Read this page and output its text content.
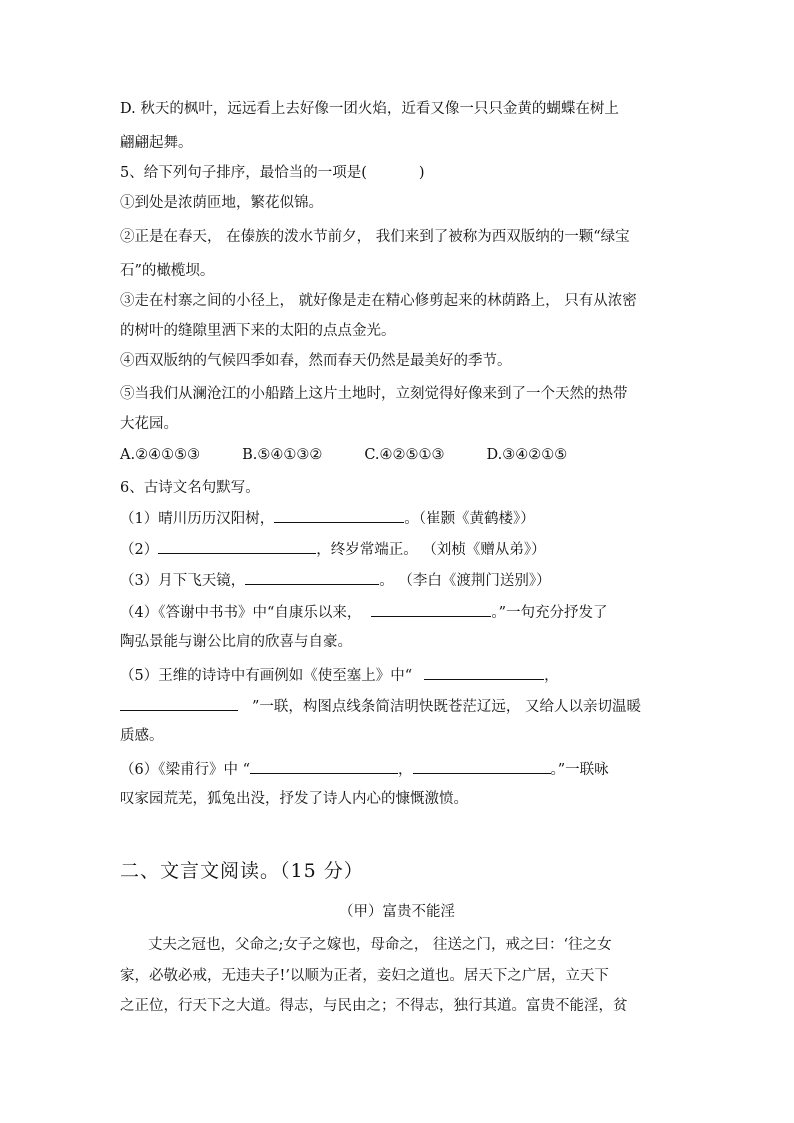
D. 秋天的枫叶，远远看上去好像一团火焰，近看又像一只只金黄的蝴蝶在树上
翩翩起舞。
5、给下列句子排序，最恰当的一项是(	)
①到处是浓荫匝地，繁花似锦。
②正是在春天， 在傣族的泼水节前夕， 我们来到了被称为西双版纳的一颗“绿宝
石”的橄榄坝。
③走在村寨之间的小径上， 就好像是走在精心修剪起来的林荫路上， 只有从浓密
的树叶的缝隙里洒下来的太阳的点点金光。
④西双版纳的气候四季如春，然而春天仍然是最美好的季节。
⑤当我们从澜沧江的小船踏上这片土地时，立刻觉得好像来到了一个天然的热带
大花园。
A.②④①⑤③	B.⑤④①③②	C.④②⑤①③	D.③④②①⑤
6、古诗文名句默写。
（1）晴川历历汉阳树，	。（崔颢《黄鹤楼》）
（2）	，终岁常端正。 （刘桢《赠从弟》）
（3）月下飞天镜，	。 （李白《渡荆门送别》）
（4）《答谢中书书》中“自康乐以来，	。”一句充分抒发了
陶弘景能与谢公比肩的欣喜与自豪。
（5）王维的诗诗中有画例如《使至塞上》中“	，
”一联，构图点线条简洁明快既苍茫辽远， 又给人以亲切温暖
质感。
（6）《梁甫行》中 “	，	。”一联咏
叹家园荒芜，狐兔出没，抒发了诗人内心的慷慨激愤。
二、文言文阅读。（15 分）
（甲）富贵不能淫
丈夫之冠也，父命之;女子之嫁也，母命之， 往送之门，戒之曰：‘往之女
家，必敬必戒，无违夫子!’以顺为正者，妾妇之道也。居天下之广居，立天下
之正位，行天下之大道。得志，与民由之；不得志，独行其道。富贵不能淫，贫
